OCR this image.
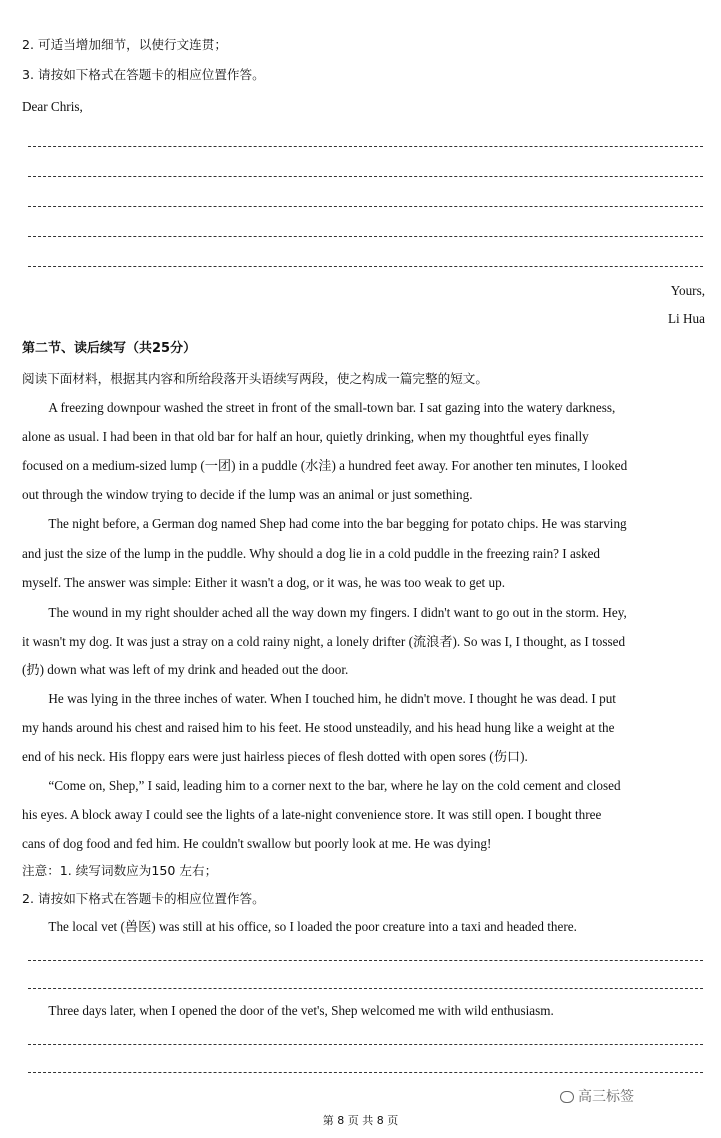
2. 可适当增加细节，以使行文连贯；
3. 请按如下格式在答题卡的相应位置作答。
Dear Chris,
Yours,
Li Hua
第二节、读后续写（共25分）
阅读下面材料，根据其内容和所给段落开头语续写两段，使之构成一篇完整的短文。
A freezing downpour washed the street in front of the small-town bar. I sat gazing into the watery darkness,
alone as usual. I had been in that old bar for half an hour, quietly drinking, when my thoughtful eyes finally
focused on a medium-sized lump (一团) in a puddle (水洼) a hundred feet away. For another ten minutes, I looked
out through the window trying to decide if the lump was an animal or just something.
The night before, a German dog named Shep had come into the bar begging for potato chips. He was starving
and just the size of the lump in the puddle. Why should a dog lie in a cold puddle in the freezing rain? I asked
myself. The answer was simple: Either it wasn't a dog, or it was, he was too weak to get up.
The wound in my right shoulder ached all the way down my fingers. I didn't want to go out in the storm. Hey,
it wasn't my dog. It was just a stray on a cold rainy night, a lonely drifter (流浪者). So was I, I thought, as I tossed
(扔) down what was left of my drink and headed out the door.
He was lying in the three inches of water. When I touched him, he didn't move. I thought he was dead. I put
my hands around his chest and raised him to his feet. He stood unsteadily, and his head hung like a weight at the
end of his neck. His floppy ears were just hairless pieces of flesh dotted with open sores (伤口).
“Come on, Shep,” I said, leading him to a corner next to the bar, where he lay on the cold cement and closed
his eyes. A block away I could see the lights of a late-night convenience store. It was still open. I bought three
cans of dog food and fed him. He couldn't swallow but poorly look at me. He was dying!
注意：1. 续写词数应为150 左右；
2. 请按如下格式在答题卡的相应位置作答。
The local vet (兽医) was still at his office, so I loaded the poor creature into a taxi and headed there.
Three days later, when I opened the door of the vet's, Shep welcomed me with wild enthusiasm.
高三标签
第 8 页 共 8 页
